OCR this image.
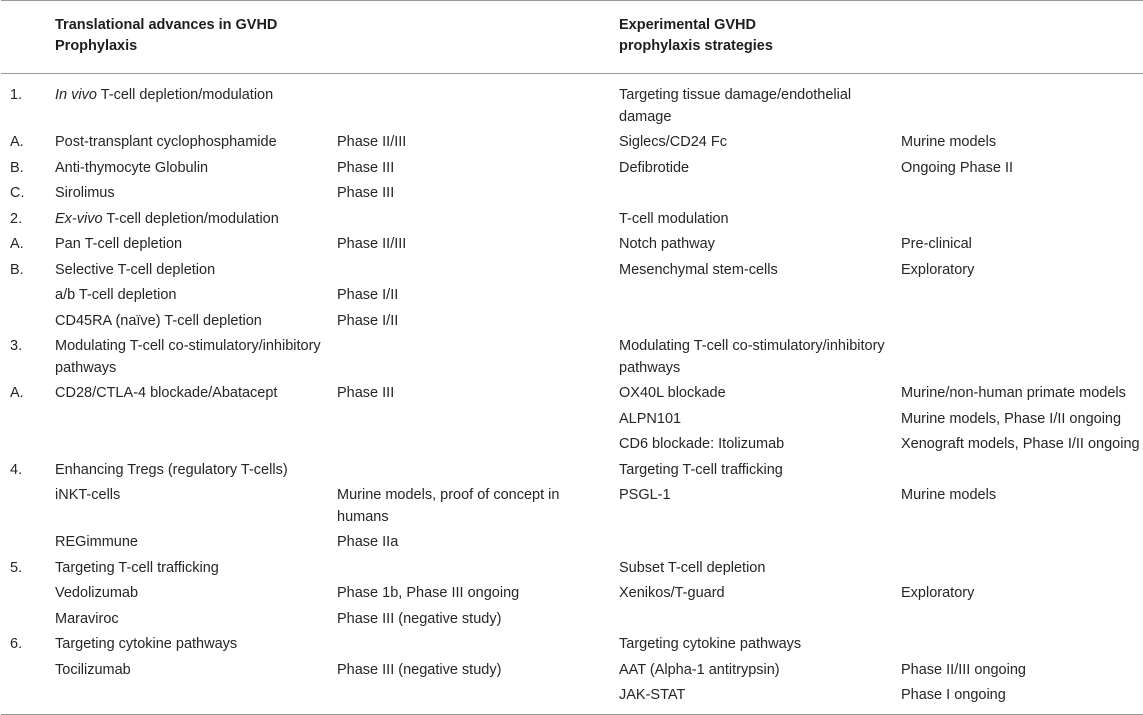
	Translational advances in GVHD Prophylaxis		Experimental GVHD prophylaxis strategies	
1.	In vivo T-cell depletion/modulation		Targeting tissue damage/endothelial damage	
A.	Post-transplant cyclophosphamide	Phase II/III	Siglecs/CD24 Fc	Murine models
B.	Anti-thymocyte Globulin	Phase III	Defibrotide	Ongoing Phase II
C.	Sirolimus	Phase III		
2.	Ex-vivo T-cell depletion/modulation		T-cell modulation	
A.	Pan T-cell depletion	Phase II/III	Notch pathway	Pre-clinical
B.	Selective T-cell depletion		Mesenchymal stem-cells	Exploratory
	a/b T-cell depletion	Phase I/II		
	CD45RA (naïve) T-cell depletion	Phase I/II		
3.	Modulating T-cell co-stimulatory/inhibitory pathways		Modulating T-cell co-stimulatory/inhibitory pathways	
A.	CD28/CTLA-4 blockade/Abatacept	Phase III	OX40L blockade	Murine/non-human primate models
			ALPN101	Murine models, Phase I/II ongoing
			CD6 blockade: Itolizumab	Xenograft models, Phase I/II ongoing
4.	Enhancing Tregs (regulatory T-cells)		Targeting T-cell trafficking	
	iNKT-cells	Murine models, proof of concept in humans	PSGL-1	Murine models
	REGimmune	Phase IIa		
5.	Targeting T-cell trafficking		Subset T-cell depletion	
	Vedolizumab	Phase 1b, Phase III ongoing	Xenikos/T-guard	Exploratory
	Maraviroc	Phase III (negative study)		
6.	Targeting cytokine pathways		Targeting cytokine pathways	
	Tocilizumab	Phase III (negative study)	AAT (Alpha-1 antitrypsin)	Phase II/III ongoing
			JAK-STAT	Phase I ongoing
